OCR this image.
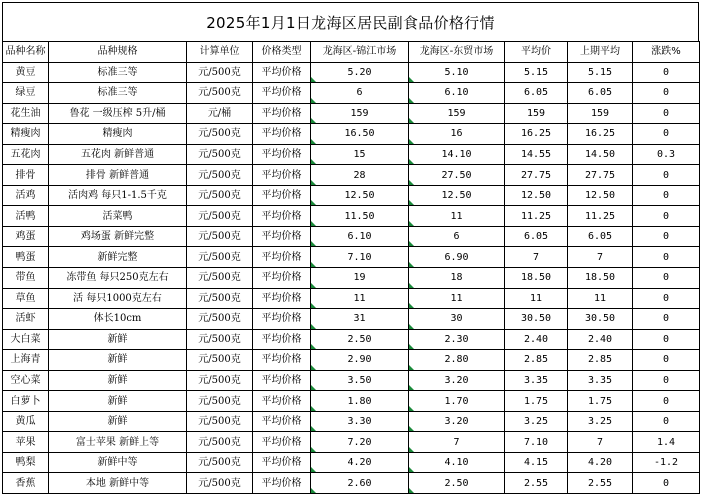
2025年1月1日龙海区居民副食品价格行情
品种名称	品种规格	计算单位	价格类型	龙海区-锦江市场	龙海区-东贸市场	平均价	上期平均	涨跌%
黄豆	标准三等	元/500克	平均价格	5.20	5.10	5.15	5.15	0
绿豆	标准三等	元/500克	平均价格	6	6.10	6.05	6.05	0
花生油	鲁花 一级压榨 5升/桶	元/桶	平均价格	159	159	159	159	0
精瘦肉	精瘦肉	元/500克	平均价格	16.50	16	16.25	16.25	0
五花肉	五花肉 新鲜普通	元/500克	平均价格	15	14.10	14.55	14.50	0.3
排骨	排骨 新鲜普通	元/500克	平均价格	28	27.50	27.75	27.75	0
活鸡	活肉鸡 每只1-1.5千克	元/500克	平均价格	12.50	12.50	12.50	12.50	0
活鸭	活菜鸭	元/500克	平均价格	11.50	11	11.25	11.25	0
鸡蛋	鸡场蛋 新鲜完整	元/500克	平均价格	6.10	6	6.05	6.05	0
鸭蛋	新鲜完整	元/500克	平均价格	7.10	6.90	7	7	0
带鱼	冻带鱼 每只250克左右	元/500克	平均价格	19	18	18.50	18.50	0
草鱼	活 每只1000克左右	元/500克	平均价格	11	11	11	11	0
活虾	体长10cm	元/500克	平均价格	31	30	30.50	30.50	0
大白菜	新鲜	元/500克	平均价格	2.50	2.30	2.40	2.40	0
上海青	新鲜	元/500克	平均价格	2.90	2.80	2.85	2.85	0
空心菜	新鲜	元/500克	平均价格	3.50	3.20	3.35	3.35	0
白萝卜	新鲜	元/500克	平均价格	1.80	1.70	1.75	1.75	0
黄瓜	新鲜	元/500克	平均价格	3.30	3.20	3.25	3.25	0
苹果	富士苹果 新鲜上等	元/500克	平均价格	7.20	7	7.10	7	1.4
鸭梨	新鲜中等	元/500克	平均价格	4.20	4.10	4.15	4.20	-1.2
香蕉	本地 新鲜中等	元/500克	平均价格	2.60	2.50	2.55	2.55	0
